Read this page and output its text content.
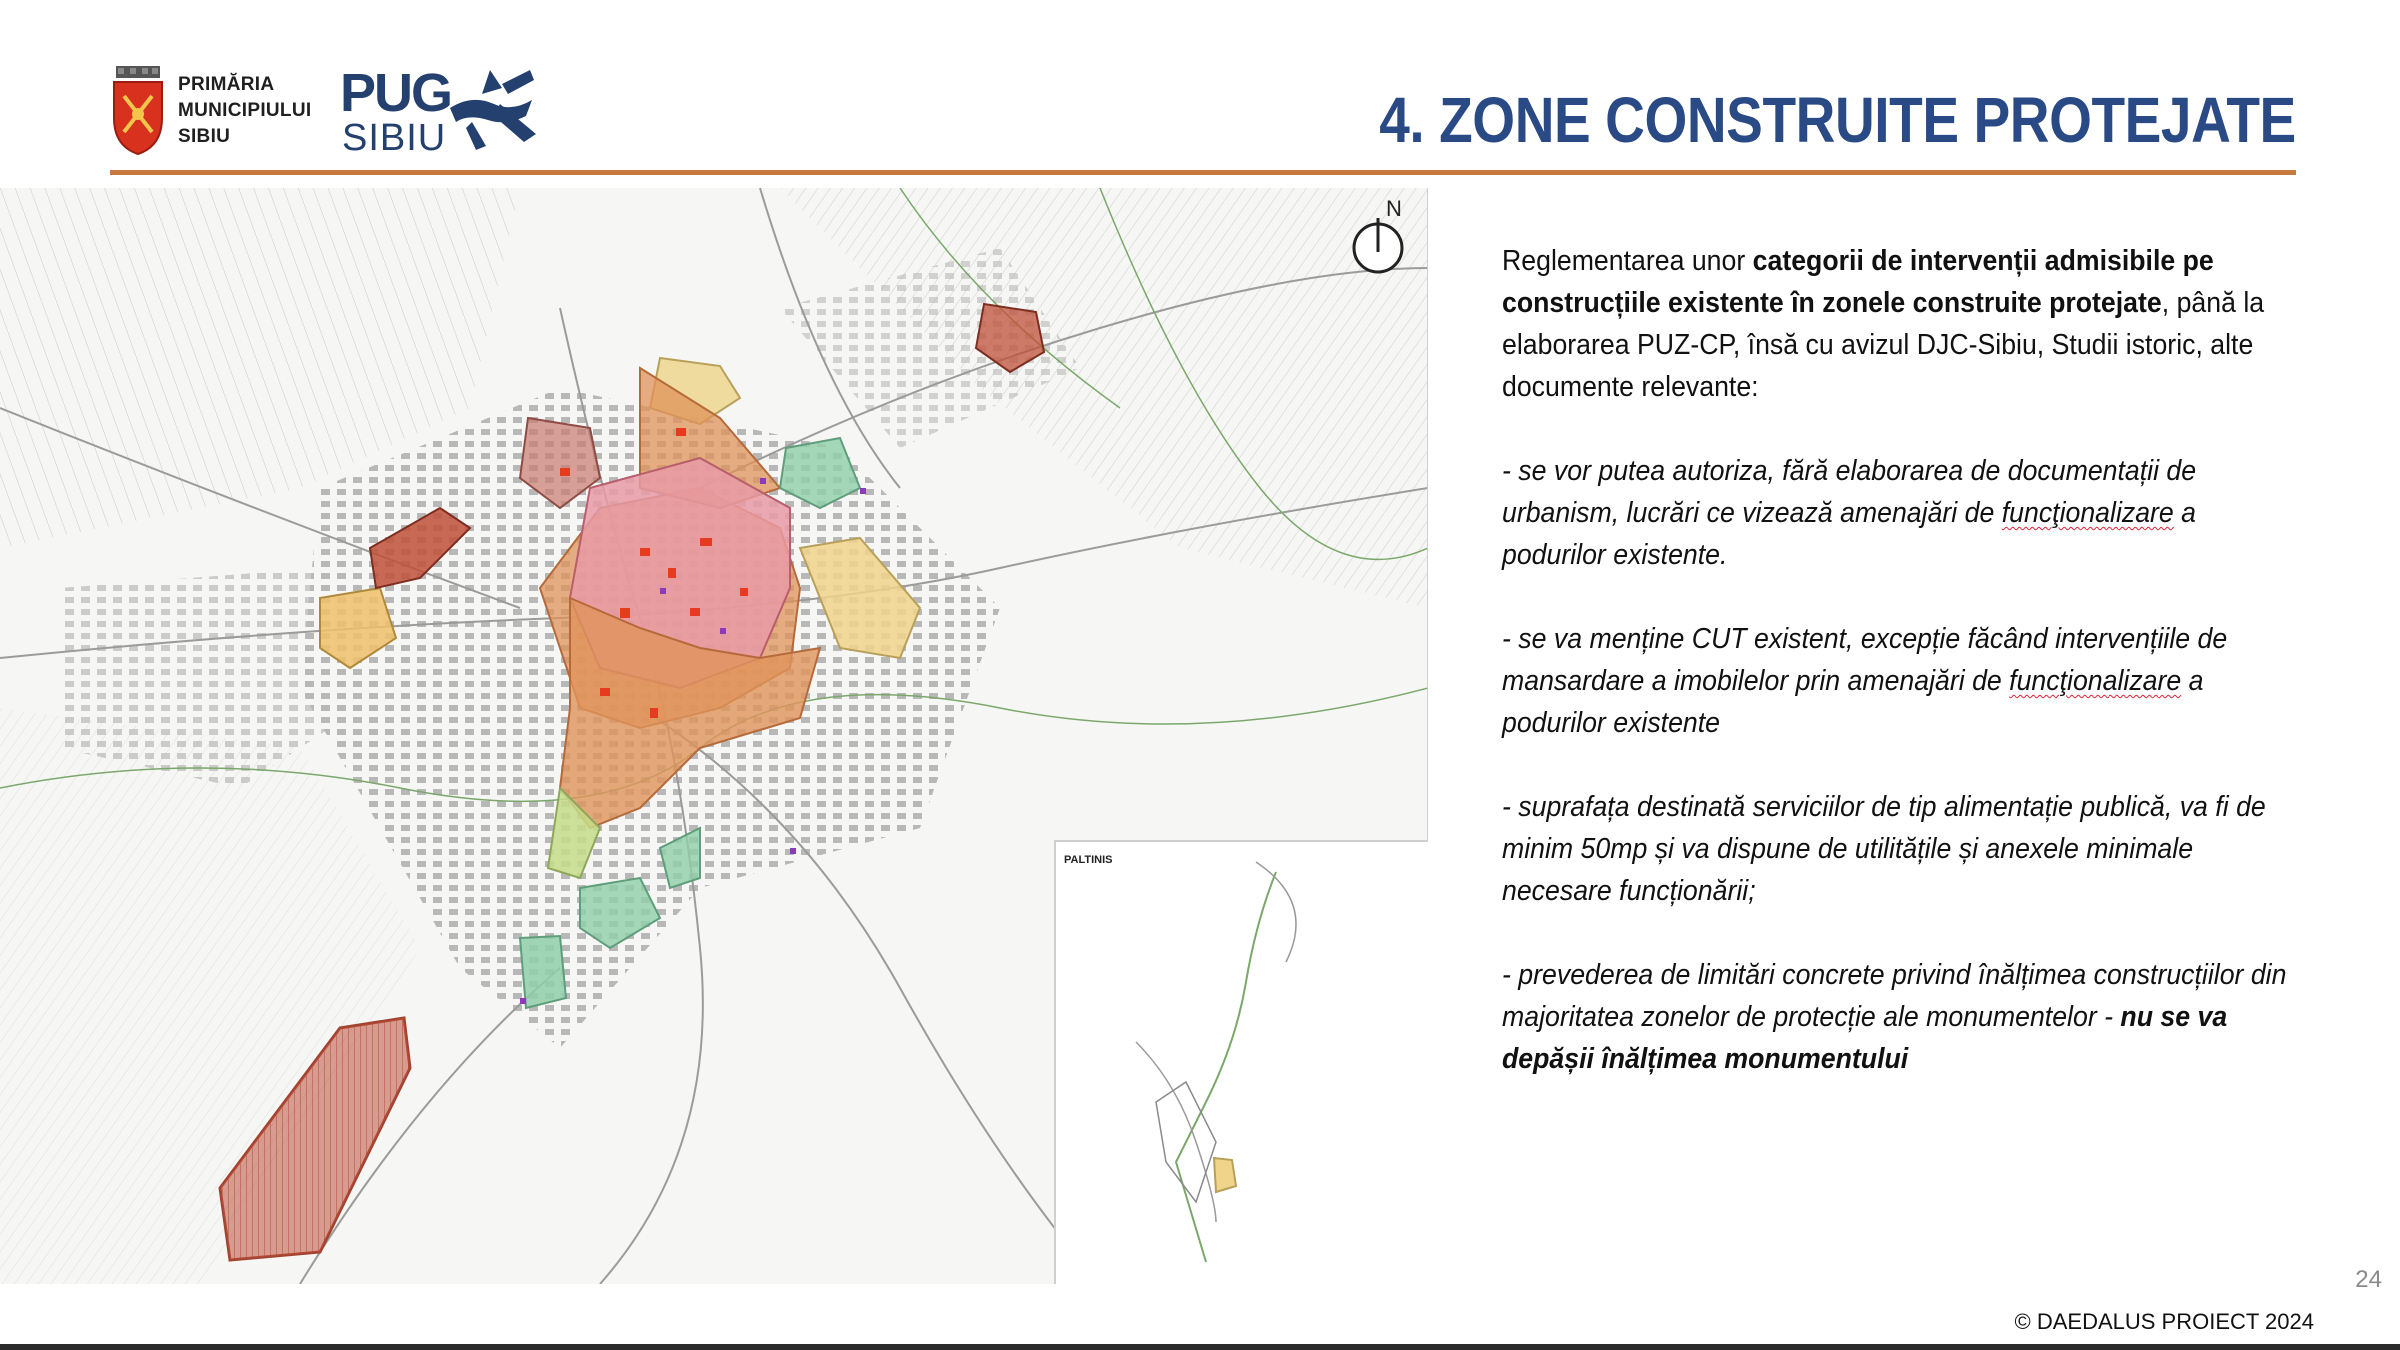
PRIMĂRIA
MUNICIPIULUI
SIBIU
PUG
SIBIU	4. ZONE CONSTRUITE PROTEJATE
N
PALTINIS

Reglementarea unor categorii de intervenții admisibile pe construcțiile existente în zonele construite protejate, până la elaborarea PUZ-CP, însă cu avizul DJC-Sibiu, Studii istoric, alte documente relevante:

- se vor putea autoriza, fără elaborarea de documentații de urbanism, lucrări ce vizează amenajări de funcţionalizare a podurilor existente.

- se va menține CUT existent, excepție făcând intervențiile de mansardare a imobilelor prin amenajări de funcţionalizare a podurilor existente

- suprafața destinată serviciilor de tip alimentație publică, va fi de minim 50mp și va dispune de utilitățile și anexele minimale necesare funcționării;

- prevederea de limitări concrete privind înălțimea construcțiilor din majoritatea zonelor de protecție ale monumentelor - nu se va depășii înălțimea monumentului

24
© DAEDALUS PROIECT 2024
